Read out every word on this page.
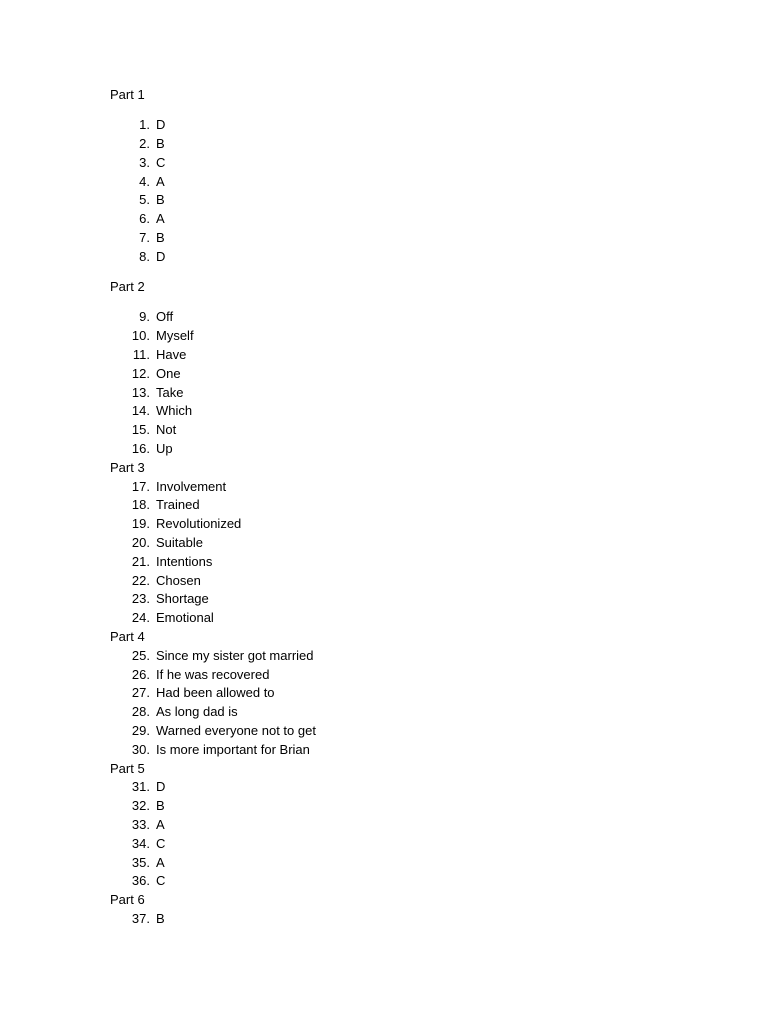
Part 1
1. D
2. B
3. C
4. A
5. B
6. A
7. B
8. D
Part 2
9. Off
10. Myself
11. Have
12. One
13. Take
14. Which
15. Not
16. Up
Part 3
17. Involvement
18. Trained
19. Revolutionized
20. Suitable
21. Intentions
22. Chosen
23. Shortage
24. Emotional
Part 4
25. Since my sister got married
26. If he was recovered
27. Had been allowed to
28. As long dad is
29. Warned everyone not to get
30. Is more important for Brian
Part 5
31. D
32. B
33. A
34. C
35. A
36. C
Part 6
37. B
